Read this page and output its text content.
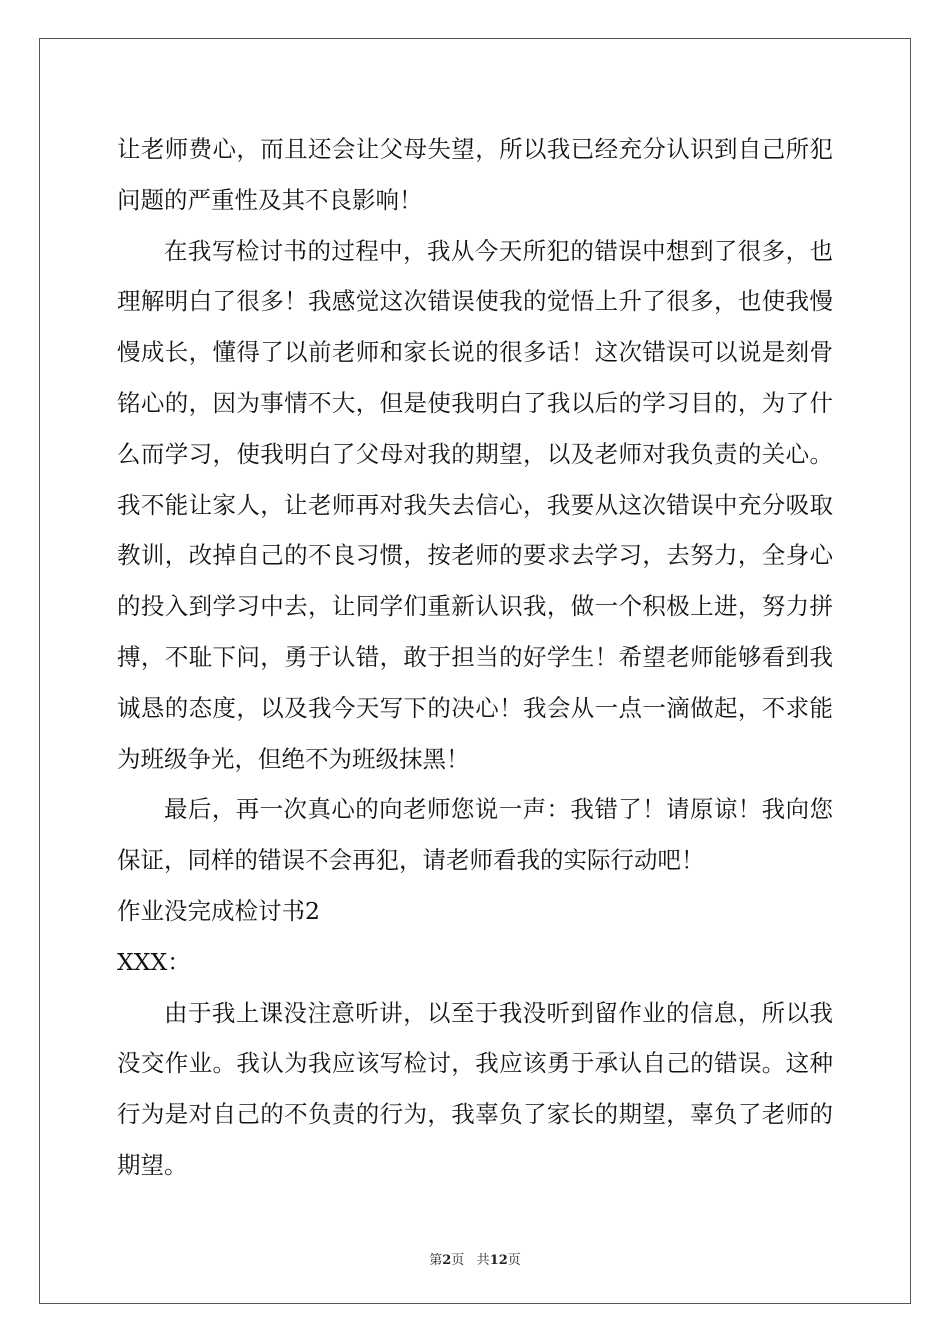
让老师费心，而且还会让父母失望，所以我已经充分认识到自己所犯
问题的严重性及其不良影响！
在我写检讨书的过程中，我从今天所犯的错误中想到了很多，也
理解明白了很多！我感觉这次错误使我的觉悟上升了很多，也使我慢
慢成长，懂得了以前老师和家长说的很多话！这次错误可以说是刻骨
铭心的，因为事情不大，但是使我明白了我以后的学习目的，为了什
么而学习，使我明白了父母对我的期望，以及老师对我负责的关心。
我不能让家人，让老师再对我失去信心，我要从这次错误中充分吸取
教训，改掉自己的不良习惯，按老师的要求去学习，去努力，全身心
的投入到学习中去，让同学们重新认识我，做一个积极上进，努力拼
搏，不耻下问，勇于认错，敢于担当的好学生！希望老师能够看到我
诚恳的态度，以及我今天写下的决心！我会从一点一滴做起，不求能
为班级争光，但绝不为班级抹黑！
最后，再一次真心的向老师您说一声：我错了！请原谅！我向您
保证，同样的错误不会再犯，请老师看我的实际行动吧！
作业没完成检讨书2
XXX：
由于我上课没注意听讲，以至于我没听到留作业的信息，所以我
没交作业。我认为我应该写检讨，我应该勇于承认自己的错误。这种
行为是对自己的不负责的行为，我辜负了家长的期望，辜负了老师的
期望。
第2页 共12页
